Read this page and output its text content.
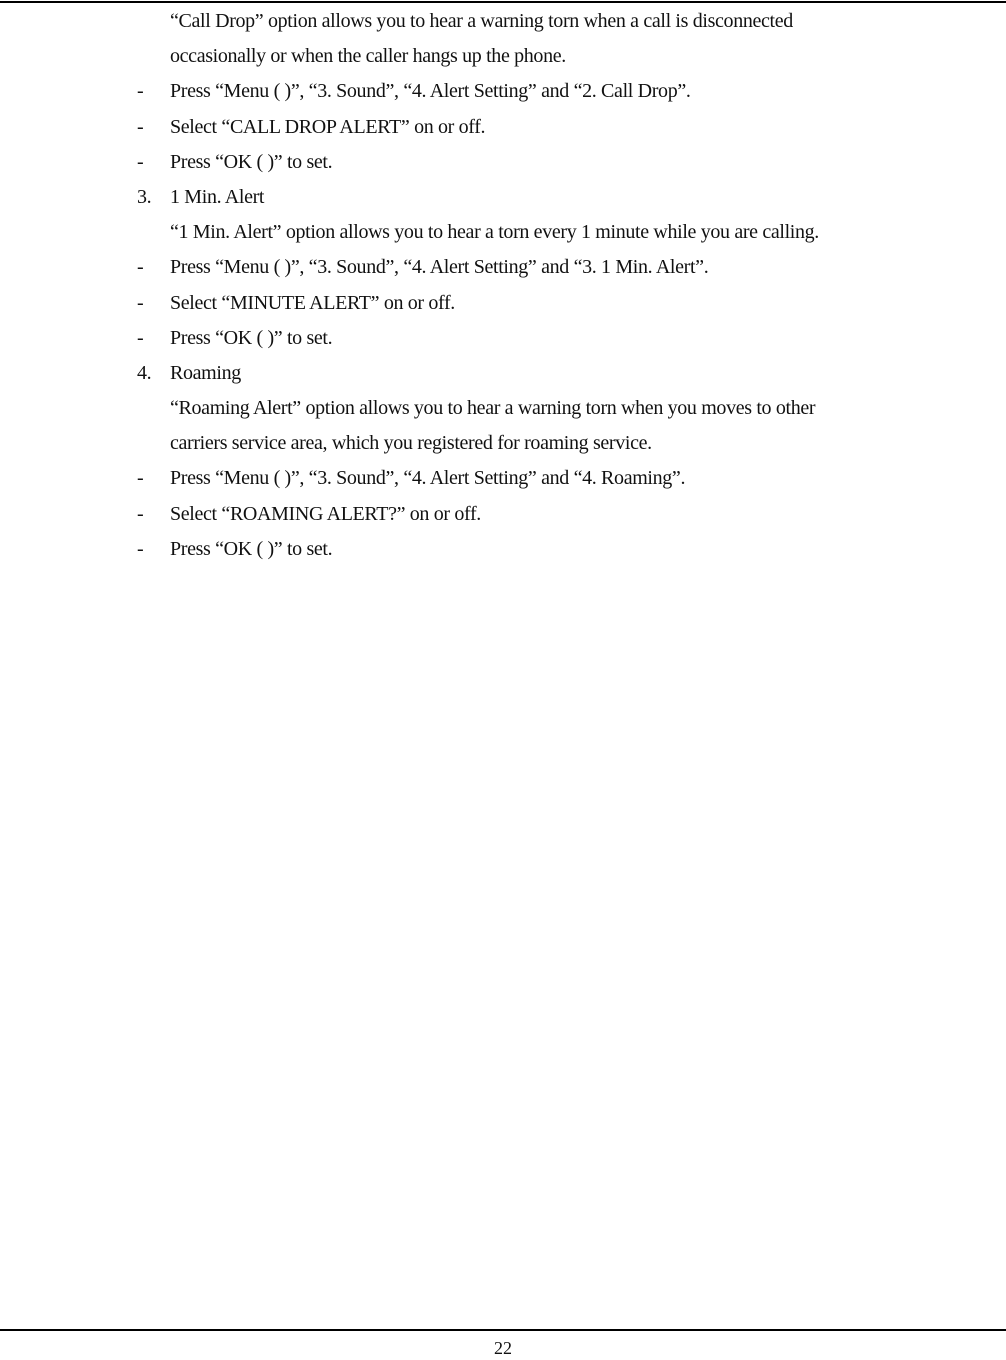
“Call Drop” option allows you to hear a warning torn when a call is disconnected
occasionally or when the caller hangs up the phone.
- Press “Menu ( )”, “3. Sound”, “4. Alert Setting” and “2. Call Drop”.
- Select “CALL DROP ALERT” on or off.
- Press “OK ( )” to set.
3. 1 Min. Alert
“1 Min. Alert” option allows you to hear a torn every 1 minute while you are calling.
- Press “Menu ( )”, “3. Sound”, “4. Alert Setting” and “3. 1 Min. Alert”.
- Select “MINUTE ALERT” on or off.
- Press “OK ( )” to set.
4. Roaming
“Roaming Alert” option allows you to hear a warning torn when you moves to other
carriers service area, which you registered for roaming service.
- Press “Menu ( )”, “3. Sound”, “4. Alert Setting” and “4. Roaming”.
- Select “ROAMING ALERT?” on or off.
- Press “OK ( )” to set.
22
